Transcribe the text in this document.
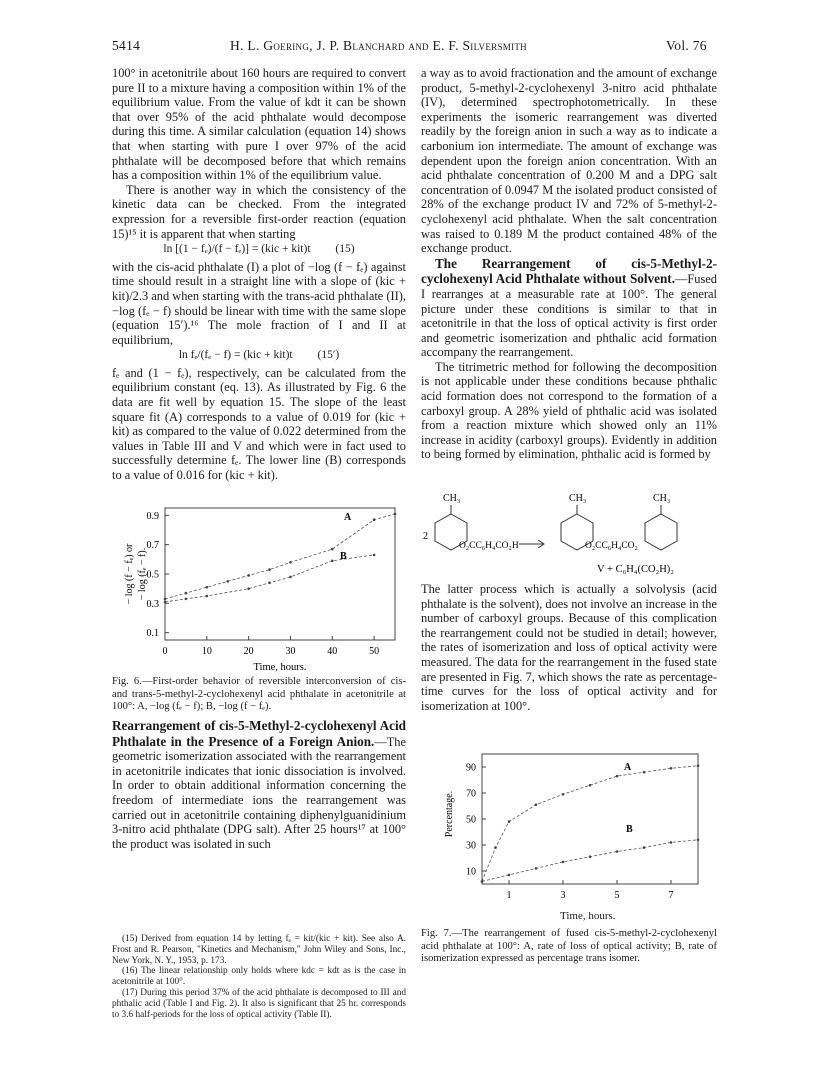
5414	H. L. Goering, J. P. Blanchard and E. F. Silversmith	Vol. 76

100° in acetonitrile about 160 hours are required to convert pure II to a mixture having a composition within 1% of the equilibrium value. From the value of kdt it can be shown that over 95% of the acid phthalate would decompose during this time. A similar calculation (equation 14) shows that when starting with pure I over 97% of the acid phthalate will be decomposed before that which remains has a composition within 1% of the equilibrium value.

There is another way in which the consistency of the kinetic data can be checked. From the integrated expression for a reversible first-order reaction (equation 15)¹⁵ it is apparent that when starting

ln [(1 − fₑ)/(f − fₑ)] = (kic + kit)t (15)

with the cis-acid phthalate (I) a plot of −log (f − fₑ) against time should result in a straight line with a slope of (kic + kit)/2.3 and when starting with the trans-acid phthalate (II), −log (fₑ − f) should be linear with time with the same slope (equation 15′).¹⁶ The mole fraction of I and II at equilibrium,

ln fₑ/(fₑ − f) = (kic + kit)t (15′)

fₑ and (1 − fₑ), respectively, can be calculated from the equilibrium constant (eq. 13). As illustrated by Fig. 6 the data are fit well by equation 15. The slope of the least square fit (A) corresponds to a value of 0.019 for (kic + kit) as compared to the value of 0.022 determined from the values in Table III and V and which were in fact used to successfully determine fₑ. The lower line (B) corresponds to a value of 0.016 for (kic + kit).

0.9
0.7
0.5
0.3
0.1
0	10	20	30	40	50
A
B
− log (f − fₑ) or − log (fₑ − f).
Time, hours.
Fig. 6.—First-order behavior of reversible interconversion of cis- and trans-5-methyl-2-cyclohexenyl acid phthalate in acetonitrile at 100°: A, −log (fₑ − f); B, −log (f − fₑ).

Rearrangement of cis-5-Methyl-2-cyclohexenyl Acid Phthalate in the Presence of a Foreign Anion.

—The geometric isomerization associated with the rearrangement in acetonitrile indicates that ionic dissociation is involved. In order to obtain additional information concerning the freedom of intermediate ions the rearrangement was carried out in acetonitrile containing diphenylguanidinium 3-nitro acid phthalate (DPG salt). After 25 hours¹⁷ at 100° the product was isolated in such
(15) Derived from equation 14 by letting fₑ = kit/(kic + kit). See also A. Frost and R. Pearson, "Kinetics and Mechanism," John Wiley and Sons, Inc., New York, N. Y., 1953, p. 173.
(16) The linear relationship only holds where kdc = kdt as is the case in acetonitrile at 100°.
(17) During this period 37% of the acid phthalate is decomposed to III and phthalic acid (Table I and Fig. 2). It also is significant that 25 hr. corresponds to 3.6 half-periods for the loss of optical activity (Table II).

a way as to avoid fractionation and the amount of exchange product, 5-methyl-2-cyclohexenyl 3-nitro acid phthalate (IV), determined spectrophotometrically. In these experiments the isomeric rearrangement was diverted readily by the foreign anion in such a way as to indicate a carbonium ion intermediate. The amount of exchange was dependent upon the foreign anion concentration. With an acid phthalate concentration of 0.200 M and a DPG salt concentration of 0.0947 M the isolated product consisted of 28% of the exchange product IV and 72% of 5-methyl-2-cyclohexenyl acid phthalate. When the salt concentration was raised to 0.189 M the product contained 48% of the exchange product.

The Rearrangement of cis-5-Methyl-2-cyclohexenyl Acid Phthalate without Solvent.—Fused I rearranges at a measurable rate at 100°. The general picture under these conditions is similar to that in acetonitrile in that the loss of optical activity is first order and geometric isomerization and phthalic acid formation accompany the rearrangement.

The titrimetric method for following the decomposition is not applicable under these conditions because phthalic acid formation does not correspond to the formation of a carboxyl group. A 28% yield of phthalic acid was isolated from a reaction mixture which showed only an 11% increase in acidity (carboxyl groups). Evidently in addition to being formed by elimination, phthalic acid is formed by

CH₃	CH₃	CH₃
2
O₂CC₆H₄CO₂H	O₂CC₆H₄CO₂
V + C₆H₄(CO₂H)₂

The latter process which is actually a solvolysis (acid phthalate is the solvent), does not involve an increase in the number of carboxyl groups. Because of this complication the rearrangement could not be studied in detail; however, the rates of isomerization and loss of optical activity were measured. The data for the rearrangement in the fused state are presented in Fig. 7, which shows the rate as percentage-time curves for the loss of optical activity and for isomerization at 100°.

90
70
50
30
10
1	3	5	7
A
B
Percentage.
Time, hours.
Fig. 7.—The rearrangement of fused cis-5-methyl-2-cyclohexenyl acid phthalate at 100°: A, rate of loss of optical activity; B, rate of isomerization expressed as percentage trans isomer.
